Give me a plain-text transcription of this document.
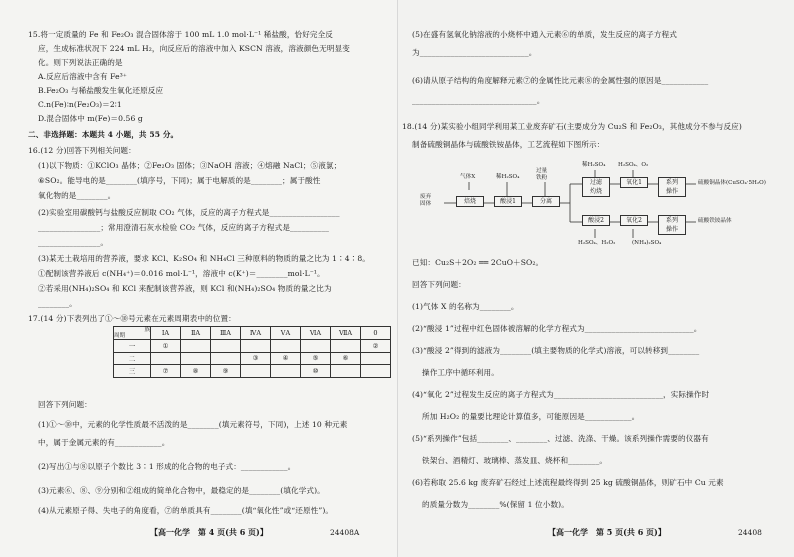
15.将一定质量的 Fe 和 Fe₂O₃ 混合固体溶于 100 mL 1.0 mol·L⁻¹ 稀盐酸，恰好完全反
应，生成标准状况下 224 mL H₂，向反应后的溶液中加入 KSCN 溶液，溶液颜色无明显变
化。则下列说法正确的是
A.反应后溶液中含有 Fe³⁺
B.Fe₂O₃ 与稀盐酸发生氧化还原反应
C.n(Fe)∶n(Fe₂O₃)＝2∶1
D.混合固体中 m(Fe)＝0.56 g
二、非选择题：本题共 4 小题，共 55 分。
16.(12 分)回答下列相关问题：
(1)以下物质：①KClO₃ 晶体；②Fe₂O₃ 固体；③NaOH 溶液；④熔融 NaCl；⑤液氯；
⑥SO₂。能导电的是________(填序号，下同)；属于电解质的是________；属于酸性
氧化物的是________。
(2)实验室用碳酸钙与盐酸反应制取 CO₂ 气体，反应的离子方程式是__________________
________________；常用澄清石灰水检验 CO₂ 气体，反应的离子方程式是__________
________________。
(3)某无土栽培用的营养液，要求 KCl、K₂SO₄ 和 NH₄Cl 三种原料的物质的量之比为 1∶4∶8。
①配制该营养液后 c(NH₄⁺)＝0.016 mol·L⁻¹，溶液中 c(K⁺)＝________mol·L⁻¹。
②若采用(NH₄)₂SO₄ 和 KCl 来配制该营养液，则 KCl 和(NH₄)₂SO₄ 物质的量之比为
________。
17.(14 分)下表列出了①～⑩号元素在元素周期表中的位置：
族
周期	ⅠA	ⅡA	ⅢA	ⅣA	ⅤA	ⅥA	ⅦA	0
一	①							②
二				③	④	⑤	⑥	
三	⑦	⑧	⑨			⑩		
回答下列问题：
(1)①～⑩中，元素的化学性质最不活泼的是________(填元素符号，下同)，上述 10 种元素
中，属于金属元素的有____________。
(2)写出①与⑧以原子个数比 3∶1 形成的化合物的电子式：____________。
(3)元素⑥、⑧、⑨分别和②组成的简单化合物中，最稳定的是________(填化学式)。
(4)从元素原子得、失电子的角度看，⑦的单质具有________(填“氧化性”或“还原性”)。
【高一化学　第 4 页(共 6 页)】	24408A
(5)在盛有氢氧化钠溶液的小烧杯中通入元素⑥的单质，发生反应的离子方程式
为____________________________。
(6)请从原子结构的角度解释元素⑦的金属性比元素⑧的金属性强的原因是____________
________________________________。
18.(14 分)某实验小组同学利用某工业废弃矿石(主要成分为 Cu₂S 和 Fe₂O₃，其他成分不参与反应)
制备硫酸铜晶体与硫酸铁铵晶体，工艺流程如下图所示：
废弃
固体	焙烧
气体X
酸浸1
稀H₂SO₄
分离
过量
铁粉
过滤
灼烧
稀H₂SO₄
氧化1
H₂SO₄、O₂
系列
操作
硫酸铜晶体(CuSO₄·5H₂O)
酸浸2	氧化2	系列
操作
硫酸铁铵晶体
H₂SO₄、H₂O₂	(NH₄)₂SO₄
已知：Cu₂S＋2O₂ ══ 2CuO＋SO₂。
回答下列问题：
(1)气体 X 的名称为________。
(2)“酸浸 1”过程中红色固体被溶解的化学方程式为____________________________。
(3)“酸浸 2”得到的滤液为________(填主要物质的化学式)溶液，可以转移到________
操作工序中循环利用。
(4)“氧化 2”过程发生反应的离子方程式为____________________________，实际操作时
所加 H₂O₂ 的量要比理论计算值多，可能原因是____________。
(5)“系列操作”包括________、________、过滤、洗涤、干燥。该系列操作需要的仪器有
铁架台、酒精灯、玻璃棒、蒸发皿、烧杯和________。
(6)若称取 25.6 kg 废弃矿石经过上述流程最终得到 25 kg 硫酸铜晶体，则矿石中 Cu 元素
的质量分数为________%(保留 1 位小数)。
【高一化学　第 5 页(共 6 页)】	24408
